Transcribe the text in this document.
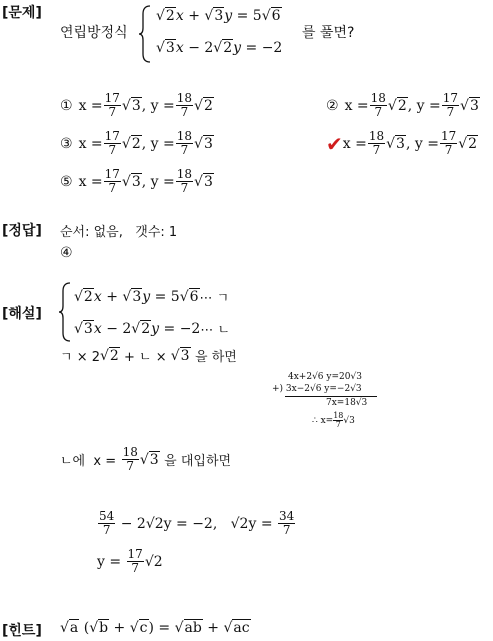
[문제]
연립방정식
√2 x + √3 y = 5 √6
√3 x − 2 √2 y = −2
를 풀면?
① $x = \frac{17}{7} √3$ , $y = \frac{18}{7} √2$	② $x = \frac{18}{7} √2$ , $y = \frac{17}{7} √3$
③ $x = \frac{17}{7} √2$ , $y = \frac{18}{7} √3$	✔ $x = \frac{18}{7} √3$ , $y = \frac{17}{7} √2$
⑤ $x = \frac{17}{7} √3$ , $y = \frac{18}{7} √3$
[정답] 순서: 없음,   갯수: 1
④
[해설]
√2 x + √3 y = 5 √6 ⋯ ㄱ
√3 x − 2 √2 y = −2 ⋯ ㄴ
ㄱ × 2 √2 + ㄴ × √3
을 하면
4x+2√6 y=20√3
+) 3x−2√6 y=−2√3
7x=18√3
∴ $x= \frac{18}{7} √3$
ㄴ에  x =
$\frac{18}{7} √3$
을 대입하면
$\frac{54}{7}$
− 2√2y = −2,   √2y =
$\frac{34}{7}$
y =
$\frac{17}{7} √2$
[힌트] √a ( √b + √c ) = √ab + √ac
